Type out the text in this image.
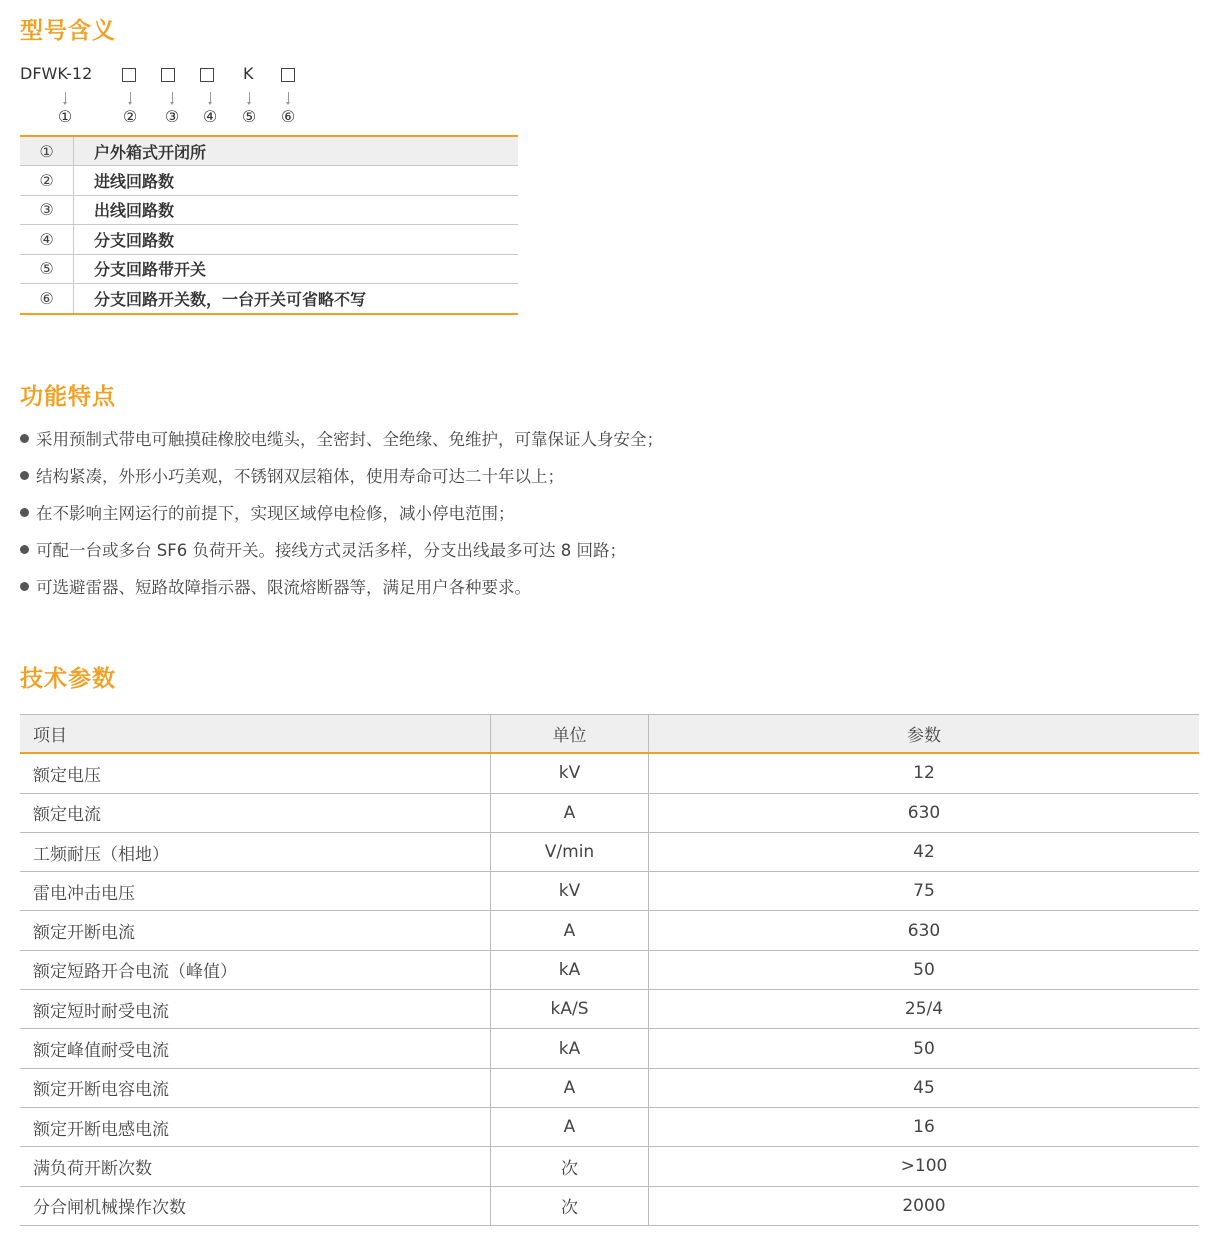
型号含义
DFWK-12	K
①	② ③ ④ ⑤ ⑥
①	户外箱式开闭所
②	进线回路数
③	出线回路数
④	分支回路数
⑤	分支回路带开关
⑥	分支回路开关数，一台开关可省略不写
功能特点
采用预制式带电可触摸硅橡胶电缆头，全密封、全绝缘、免维护，可靠保证人身安全；
结构紧凑，外形小巧美观，不锈钢双层箱体，使用寿命可达二十年以上；
在不影响主网运行的前提下，实现区域停电检修，减小停电范围；
可配一台或多台 SF6 负荷开关。接线方式灵活多样，分支出线最多可达 8 回路；
可选避雷器、短路故障指示器、限流熔断器等，满足用户各种要求。
技术参数
项目	单位	参数
额定电压	kV	12
额定电流	A	630
工频耐压（相地）	V/min	42
雷电冲击电压	kV	75
额定开断电流	A	630
额定短路开合电流（峰值）	kA	50
额定短时耐受电流	kA/S	25/4
额定峰值耐受电流	kA	50
额定开断电容电流	A	45
额定开断电感电流	A	16
满负荷开断次数	次	>100
分合闸机械操作次数	次	2000
